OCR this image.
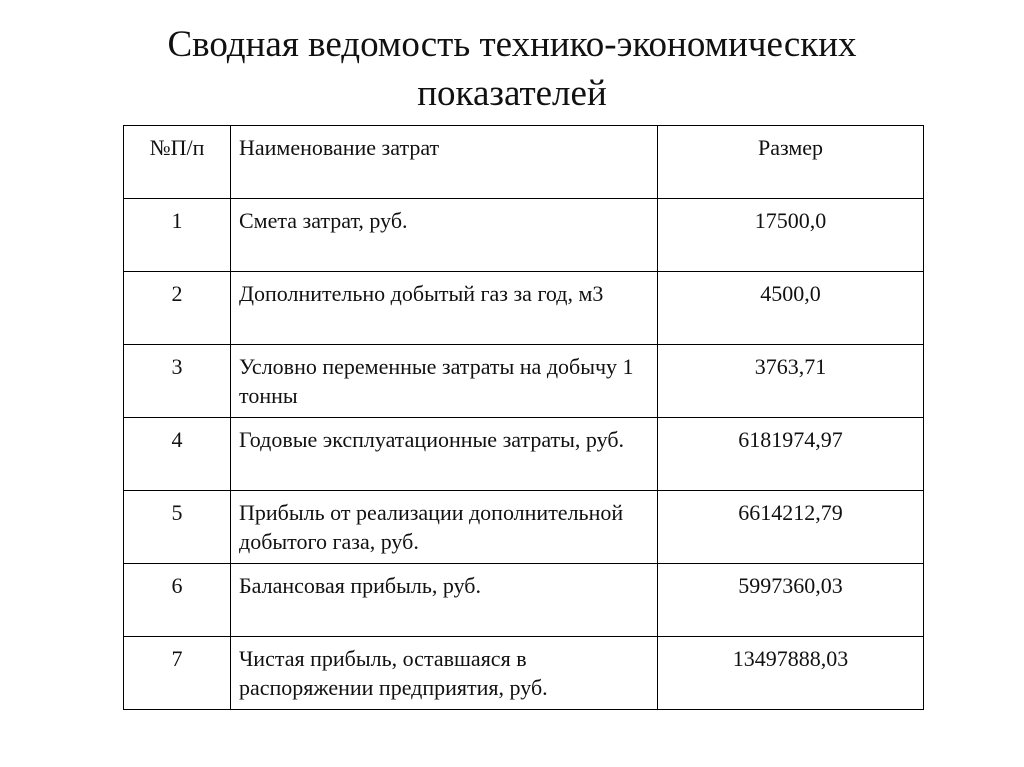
Сводная ведомость технико-экономических
показателей
№П/п	Наименование затрат	Размер
1	Смета затрат, руб.	17500,0
2	Дополнительно добытый газ за год, м3	4500,0
3	Условно переменные затраты на добычу 1 тонны	3763,71
4	Годовые эксплуатационные затраты, руб.	6181974,97
5	Прибыль от реализации дополнительной добытого газа, руб.	6614212,79
6	Балансовая прибыль, руб.	5997360,03
7	Чистая прибыль, оставшаяся в распоряжении предприятия, руб.	13497888,03
